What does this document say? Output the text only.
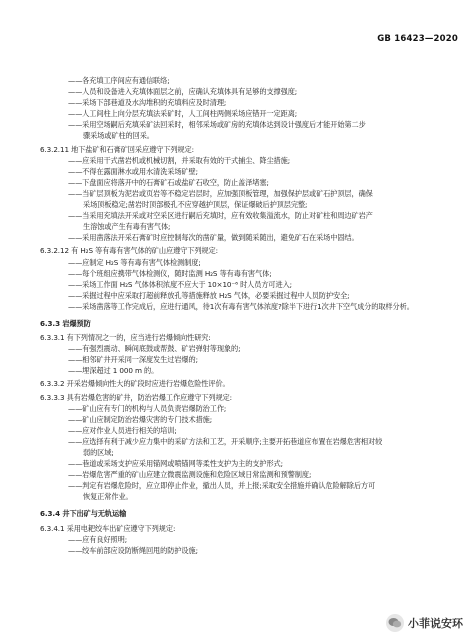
GB 16423—2020
——各充填工序间应有通信联络;
——人员和设备进入充填体面层之前，应确认充填体具有足够的支撑强度;
——采场下部巷道及水沟堆积的充填料应及时清理;
——人工间柱上向分层充填法采矿时，人工间柱两侧采场应错开一定距离;
——采用空场嗣后充填采矿法回采时，相邻采场或矿房的充填体达到设计强度后才能开始第二步
骤采场或矿柱的回采。
6.3.2.11 地下盐矿和石膏矿回采应遵守下列规定:
——应采用干式凿岩机或机械切割，并采取有效的干式捕尘、降尘措施;
——不得在露面淋水或用水清洗采场矿壁;
——下盘面应将落开中的石膏矿石或盐矿石收空，防止盖泽堵塞;
——当矿层顶板为泥岩或页岩等不稳定岩层时，应加强顶板管理，加强保护层或矿石护顶层，确保
采场顶板稳定;凿岩时顶部极孔不应穿越护顶层，保证爆破后护顶层完整;
——当采用充填法开采或对空采区进行嗣后充填时，应有效收集溢流水，防止对矿柱和周边矿岩产
生溶蚀或产生有毒有害气体;
——采用凿落法开采石膏矿时应控制每次的凿矿量，做到随采随出，避免矿石在采场中固结。
6.3.2.12 有 H₂S 等有毒有害气体的矿山应遵守下列规定:
——应制定 H₂S 等有毒有害气体检测制度;
——每个班组应携带气体检测仪，随时监测 H₂S 等有毒有害气体;
——采场工作面 H₂S 气体体积浓度不应大于 10×10⁻⁶ 时人员方可进入;
——采掘过程中应采取打超前释放孔等措施释放 H₂S 气体，必要采掘过程中人员防护安全;
——采场凿落等工作完成后，应进行通风，待1次有毒有害气体浓度?除半下进行1次井下空气成分的取样分析。
6.3.3 岩爆预防
6.3.3.1 有下列情况之一的，应当进行岩爆倾向性研究:
——有强烈震动、瞬间底鼓或帮鼓、矿岩弹射等现象的;
——相邻矿井开采同一深度发生过岩爆的;
——埋深超过 1 000 m 的。
6.3.3.2 开采岩爆倾向性大的矿段时应进行岩爆危险性评价。
6.3.3.3 具有岩爆危害的矿井，防治岩爆工作应遵守下列规定:
——矿山应有专门的机构与人员负责岩爆防治工作;
——矿山应制定防治岩爆灾害的专门技术措施;
——应对作业人员进行相关的培训;
——应选择有利于减少应力集中的采矿方法和工艺，开采顺序;主要开拓巷道应布置在岩爆危害相对较
弱的区域;
——巷道或采场支护应采用锚网或喷锚网等柔性支护为主的支护形式;
——岩爆危害严重的矿山应建立微震监测设施和危险区域日常监测和预警制度;
——判定有岩爆危险时，应立即停止作业，撤出人员，并上报;采取安全措施并确认危险解除后方可
恢复正常作业。
6.3.4 井下出矿与无轨运输
6.3.4.1 采用电耙绞车出矿应遵守下列规定:
——应有良好照明;
——绞车前部应设防断绳回甩的防护设施;
小菲说安环
